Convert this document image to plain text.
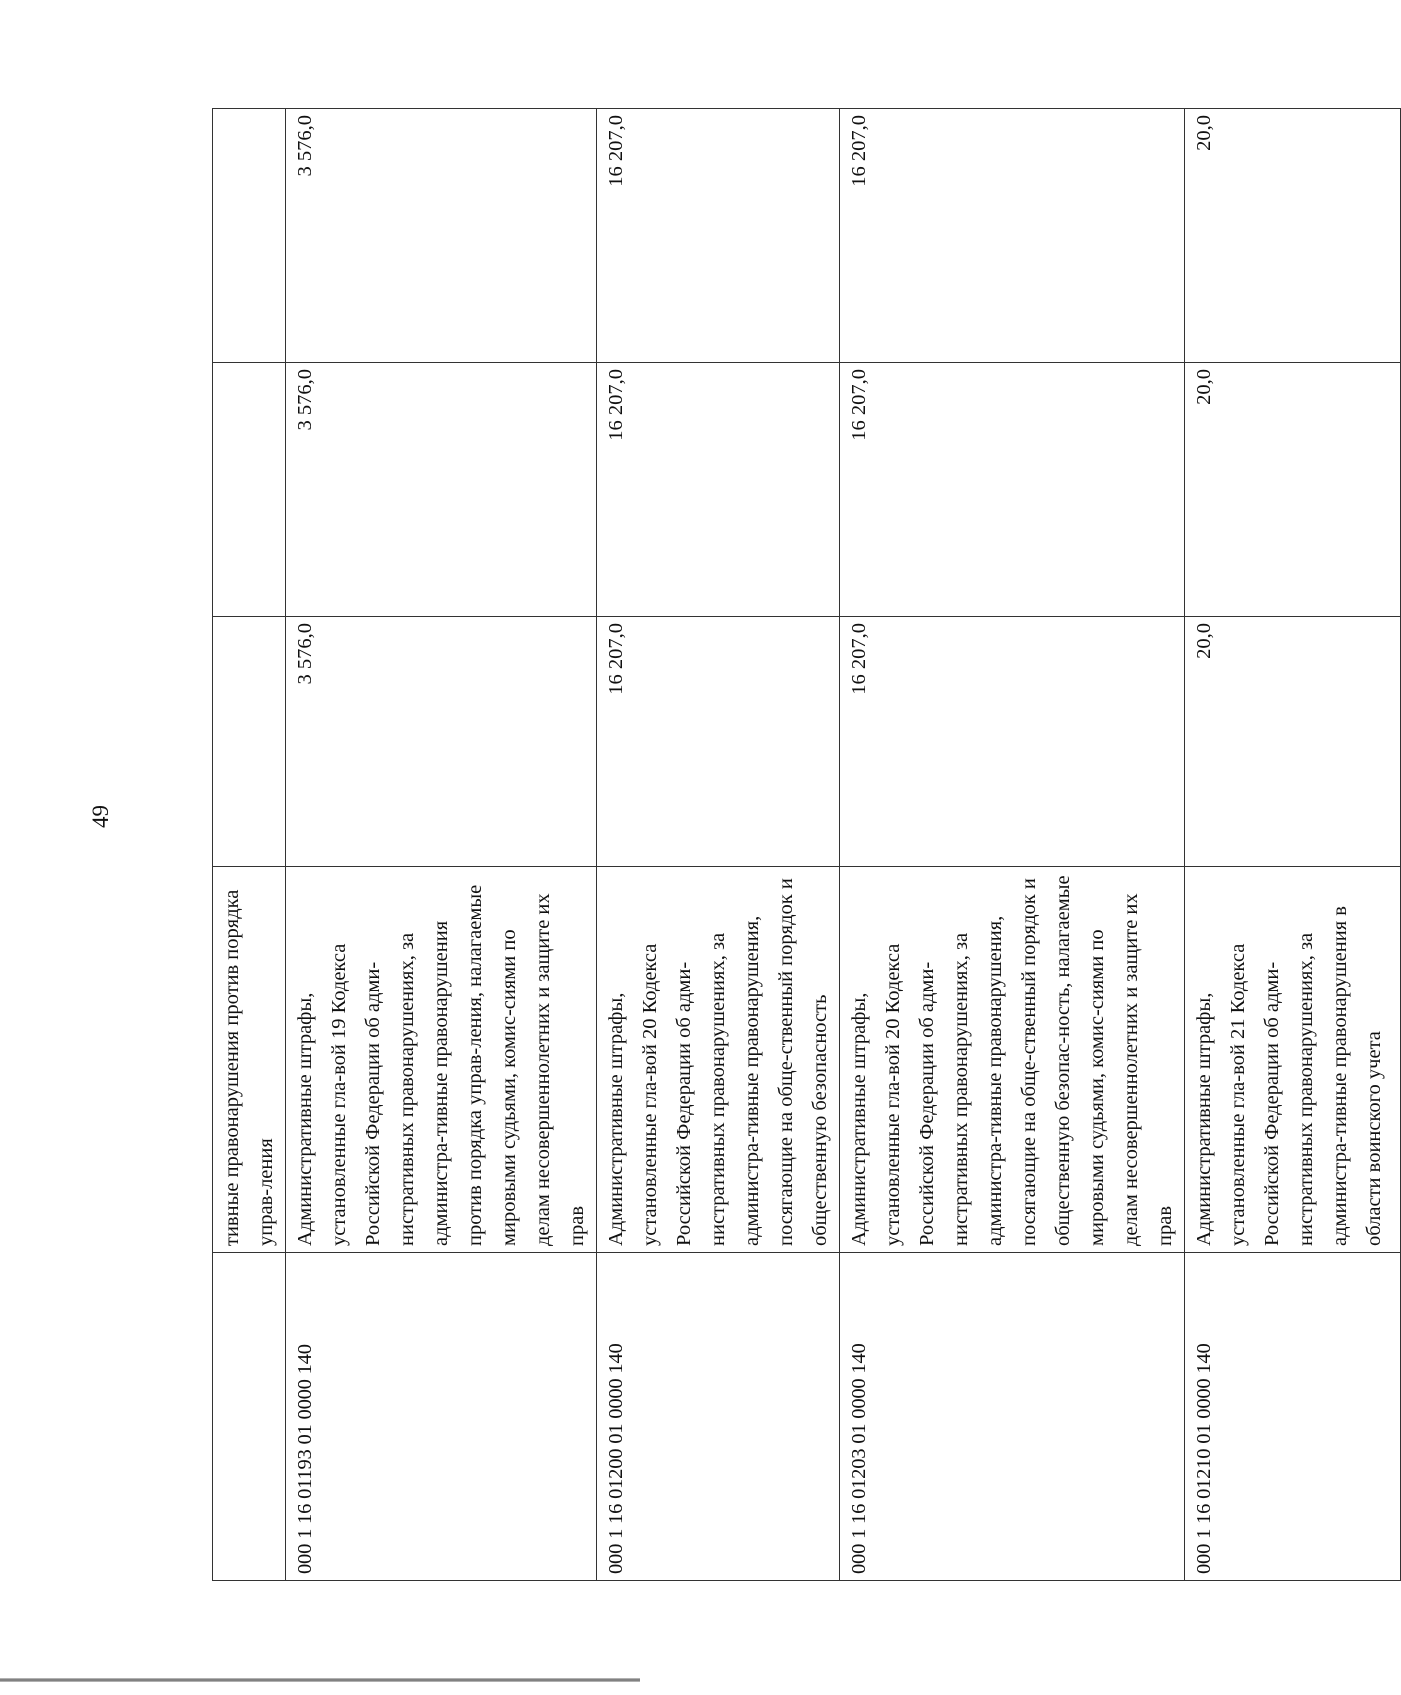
49
	тивные правонарушения против порядка управ-ления			
000 1 16 01193 01 0000 140	Административные штрафы, установленные гла-вой 19 Кодекса Российской Федерации об адми-нистративных правонарушениях, за администра-тивные правонарушения против порядка управ-ления, налагаемые мировыми судьями, комис-сиями по делам несовершеннолетних и защите их прав	3 576,0	3 576,0	3 576,0
000 1 16 01200 01 0000 140	Административные штрафы, установленные гла-вой 20 Кодекса Российской Федерации об адми-нистративных правонарушениях, за администра-тивные правонарушения, посягающие на обще-ственный порядок и общественную безопасность	16 207,0	16 207,0	16 207,0
000 1 16 01203 01 0000 140	Административные штрафы, установленные гла-вой 20 Кодекса Российской Федерации об адми-нистративных правонарушениях, за администра-тивные правонарушения, посягающие на обще-ственный порядок и общественную безопас-ность, налагаемые мировыми судьями, комис-сиями по делам несовершеннолетних и защите их прав	16 207,0	16 207,0	16 207,0
000 1 16 01210 01 0000 140	Административные штрафы, установленные гла-вой 21 Кодекса Российской Федерации об адми-нистративных правонарушениях, за администра-тивные правонарушения в области воинского учета	20,0	20,0	20,0
